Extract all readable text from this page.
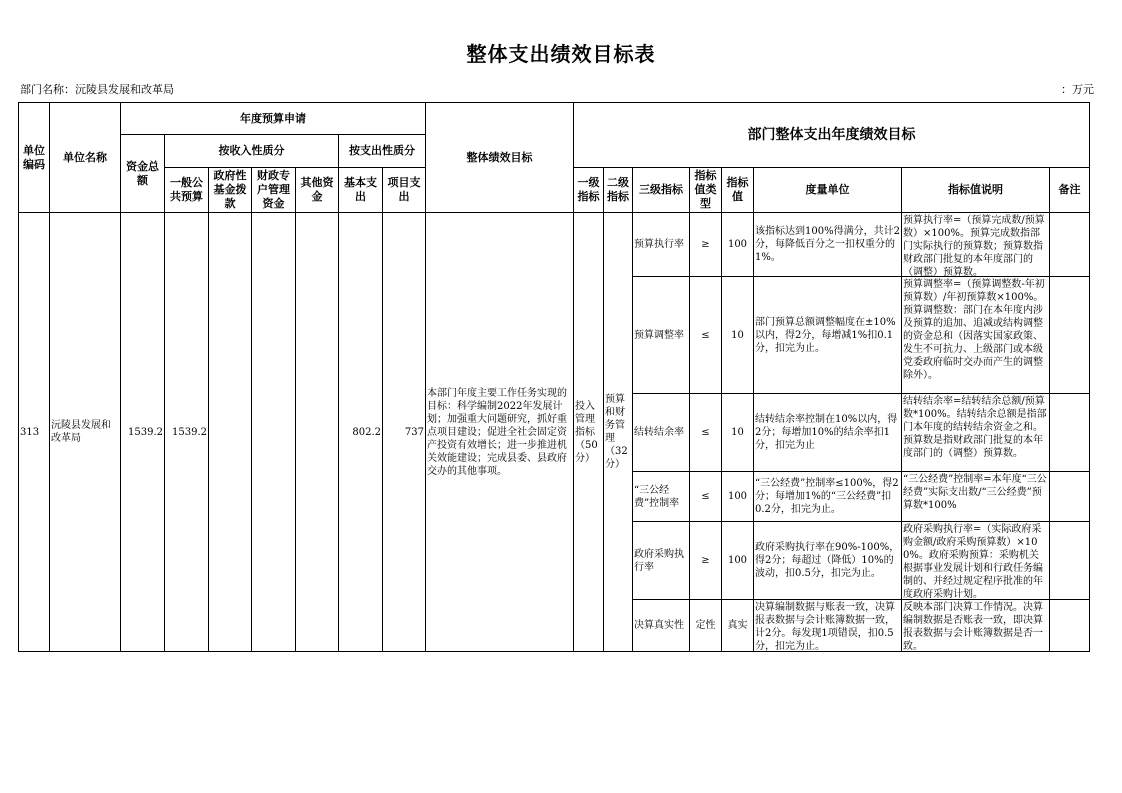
整体支出绩效目标表
部门名称：沅陵县发展和改革局	：万元
单位编码	单位名称	年度预算申请							整体绩效目标	部门整体支出年度绩效目标							
		资金总额	按收入性质分				按支出性质分										
			一般公共预算	政府性基金拨款	财政专户管理资金	其他资金	基本支出	项目支出		一级指标	二级指标	三级指标	指标值类型	指标值	度量单位	指标值说明	备注
313	沅陵县发展和改革局	1539.2	1539.2				802.2	737	本部门年度主要工作任务实现的目标：科学编制2022年发展计划；加强重大问题研究，抓好重点项目建设；促进全社会固定资产投资有效增长；进一步推进机关效能建设；完成县委、县政府交办的其他事项。	投入管理指标（50分）	预算和财务管理（32分）	预算执行率	≥	100	该指标达到100%得满分，共计2分，每降低百分之一扣权重分的1%。	预算执行率=（预算完成数/预算数）×100%。预算完成数指部门实际执行的预算数；预算数指财政部门批复的本年度部门的（调整）预算数。	

												预算调整率	≤	10	部门预算总额调整幅度在±10%以内，得2分，每增减1%扣0.1分，扣完为止。	预算调整率=（预算调整数-年初预算数）/年初预算数×100%。预算调整数：部门在本年度内涉及预算的追加、追减或结构调整的资金总和（因落实国家政策、发生不可抗力、上级部门或本级党委政府临时交办而产生的调整除外）。	

												结转结余率	≤	10	结转结余率控制在10%以内，得2分；每增加10%的结余率扣1分，扣完为止	结转结余率=结转结余总额/预算数*100%。结转结余总额是指部门本年度的结转结余资金之和。预算数是指财政部门批复的本年度部门的（调整）预算数。	

												“三公经费”控制率	≤	100	“三公经费”控制率≤100%，得2分；每增加1%的“三公经费”扣0.2分，扣完为止。	“三公经费”控制率=本年度“三公经费”实际支出数/“三公经费”预算数*100%	

												政府采购执行率	≥	100	政府采购执行率在90%-100%，得2分；每超过（降低）10%的波动，扣0.5分，扣完为止。	政府采购执行率=（实际政府采购金额/政府采购预算数）×100%。政府采购预算：采购机关根据事业发展计划和行政任务编制的、并经过规定程序批准的年度政府采购计划。	

												决算真实性	定性	真实	决算编制数据与账表一致，决算报表数据与会计账簿数据一致，计2分。每发现1项错误，扣0.5分，扣完为止。	反映本部门决算工作情况。决算编制数据是否账表一致，即决算报表数据与会计账簿数据是否一致。	
